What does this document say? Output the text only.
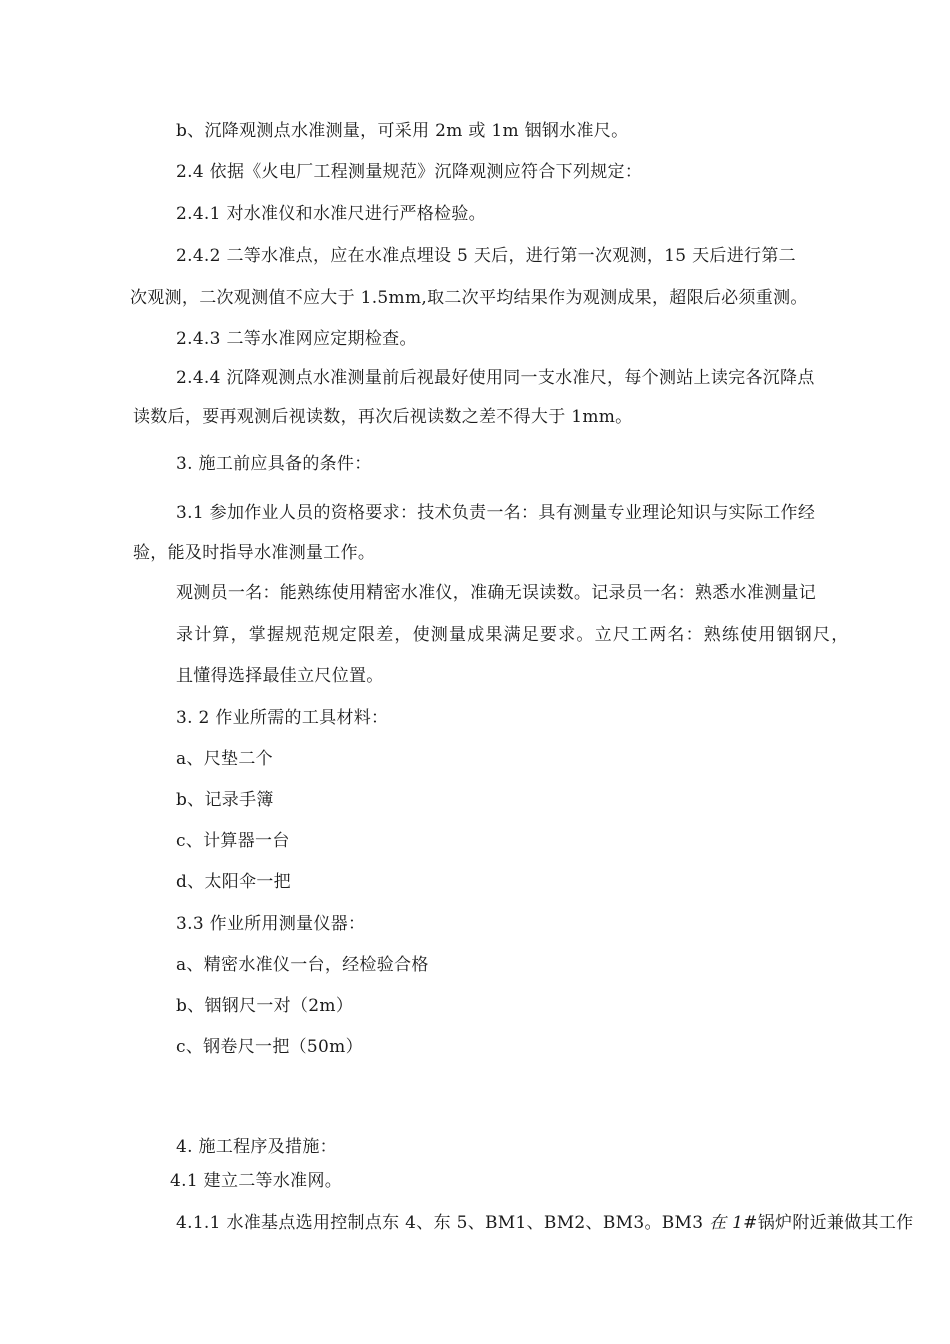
b、沉降观测点水准测量，可采用 2m 或 1m 铟钢水准尺。
2.4 依据《火电厂工程测量规范》沉降观测应符合下列规定：
2.4.1 对水准仪和水准尺进行严格检验。
2.4.2 二等水准点，应在水准点埋设 5 天后，进行第一次观测，15 天后进行第二
次观测，二次观测值不应大于 1.5mm,取二次平均结果作为观测成果，超限后必须重测。
2.4.3 二等水准网应定期检查。
2.4.4 沉降观测点水准测量前后视最好使用同一支水准尺，每个测站上读完各沉降点
读数后，要再观测后视读数，再次后视读数之差不得大于 1mm。
3. 施工前应具备的条件：
3.1 参加作业人员的资格要求：技术负责一名：具有测量专业理论知识与实际工作经
验，能及时指导水准测量工作。
观测员一名：能熟练使用精密水准仪，准确无误读数。记录员一名：熟悉水准测量记
录计算，掌握规范规定限差，使测量成果满足要求。立尺工两名：熟练使用铟钢尺，
且懂得选择最佳立尺位置。
3. 2 作业所需的工具材料：
a、尺垫二个
b、记录手簿
c、计算器一台
d、太阳伞一把
3.3 作业所用测量仪器：
a、精密水准仪一台，经检验合格
b、铟钢尺一对（2m）
c、钢卷尺一把（50m）
4. 施工程序及措施：
4.1 建立二等水准网。
4.1.1 水准基点选用控制点东 4、东 5、BM1、BM2、BM3。BM3 在 1#锅炉附近兼做其工作
